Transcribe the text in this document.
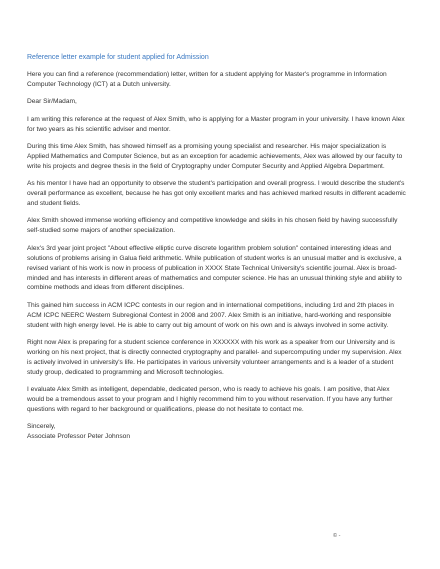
Reference letter example for student applied for Admission

Here you can find a reference (recommendation) letter, written for a student applying for Master's programme in Information Computer Technology (ICT) at a Dutch university.

Dear Sir/Madam,

I am writing this reference at the request of Alex Smith, who is applying for a Master program in your university. I have known Alex for two years as his scientific adviser and mentor.

During this time Alex Smith, has showed himself as a promising young specialist and researcher. His major specialization is Applied Mathematics and Computer Science, but as an exception for academic achievements, Alex was allowed by our faculty to write his projects and degree thesis in the field of Cryptography under Computer Security and Applied Algebra Department.

As his mentor I have had an opportunity to observe the student's participation and overall progress. I would describe the student's overall performance as excellent, because he has got only excellent marks and has achieved marked results in different academic and student fields.

Alex Smith showed immense working efficiency and competitive knowledge and skills in his chosen field by having successfully self-studied some majors of another specialization.

Alex's 3rd year joint project "About effective elliptic curve discrete logarithm problem solution" contained interesting ideas and solutions of problems arising in Galua field arithmetic. While publication of student works is an unusual matter and is exclusive, a revised variant of his work is now in process of publication in XXXX State Technical University's scientific journal. Alex is broad-minded and has interests in different areas of mathematics and computer science. He has an unusual thinking style and ability to combine methods and ideas from different disciplines.

This gained him success in ACM ICPC contests in our region and in international competitions, including 1rd and 2th places in ACM ICPC NEERC Western Subregional Contest in 2008 and 2007. Alex Smith is an initiative, hard-working and responsible student with high energy level. He is able to carry out big amount of work on his own and is always involved in some activity.

Right now Alex is preparing for a student science conference in XXXXXX with his work as a speaker from our University and is working on his next project, that is directly connected cryptography and parallel- and supercomputing under my supervision. Alex is actively involved in university's life. He participates in various university volunteer arrangements and is a leader of a student study group, dedicated to programming and Microsoft technologies.

I evaluate Alex Smith as intelligent, dependable, dedicated person, who is ready to achieve his goals. I am positive, that Alex would be a tremendous asset to your program and I highly recommend him to you without reservation. If you have any further questions with regard to her background or qualifications, please do not hesitate to contact me.

Sincerely,

Associate Professor Peter Johnson

© -
